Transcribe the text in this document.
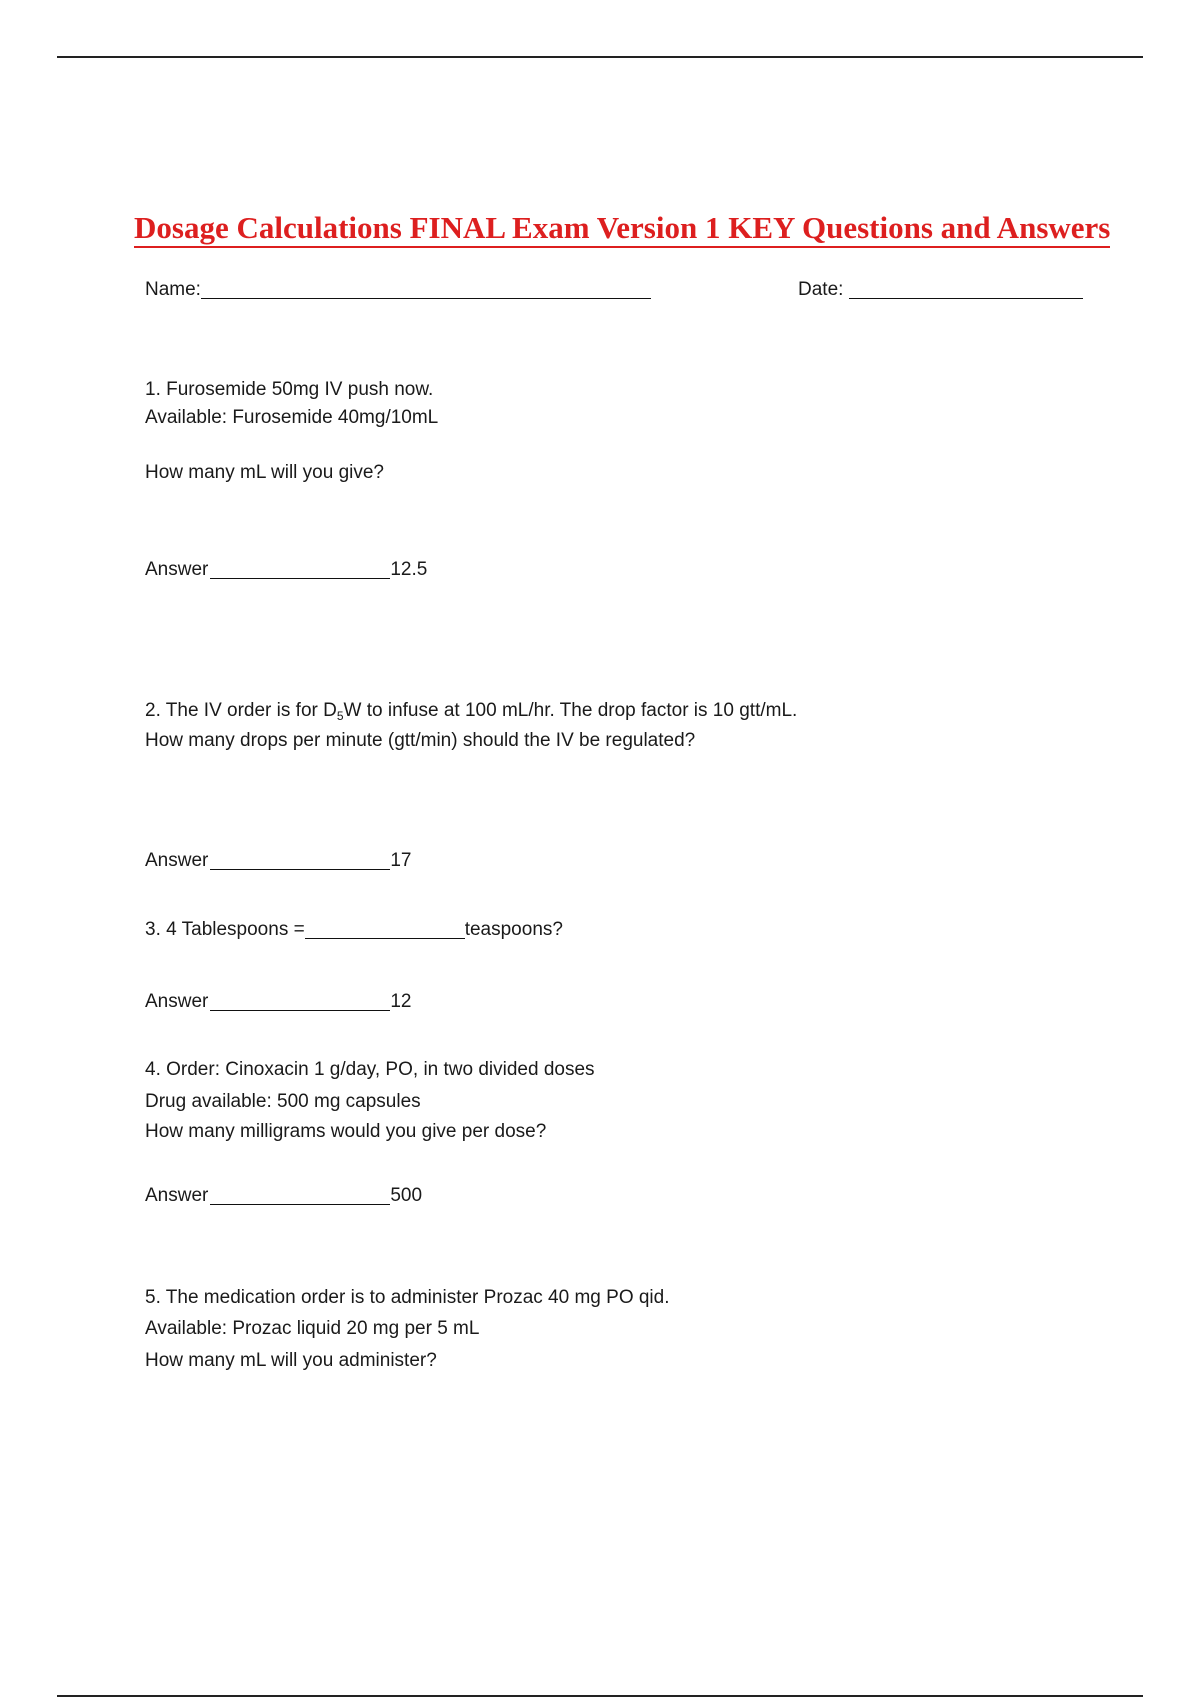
Dosage Calculations FINAL Exam Version 1 KEY Questions and Answers
Name:	Date:
1. Furosemide 50mg IV push now.
Available: Furosemide 40mg/10mL
How many mL will you give?
Answer	12.5
2. The IV order is for $D_5W$ to infuse at 100 mL/hr. The drop factor is 10 gtt/mL.
How many drops per minute (gtt/min) should the IV be regulated?
Answer	17
3. 4 Tablespoons =	teaspoons?
Answer	12
4. Order: Cinoxacin 1 g/day, PO, in two divided doses
Drug available: 500 mg capsules
How many milligrams would you give per dose?
Answer	500
5. The medication order is to administer Prozac 40 mg PO qid.
Available: Prozac liquid 20 mg per 5 mL
How many mL will you administer?
